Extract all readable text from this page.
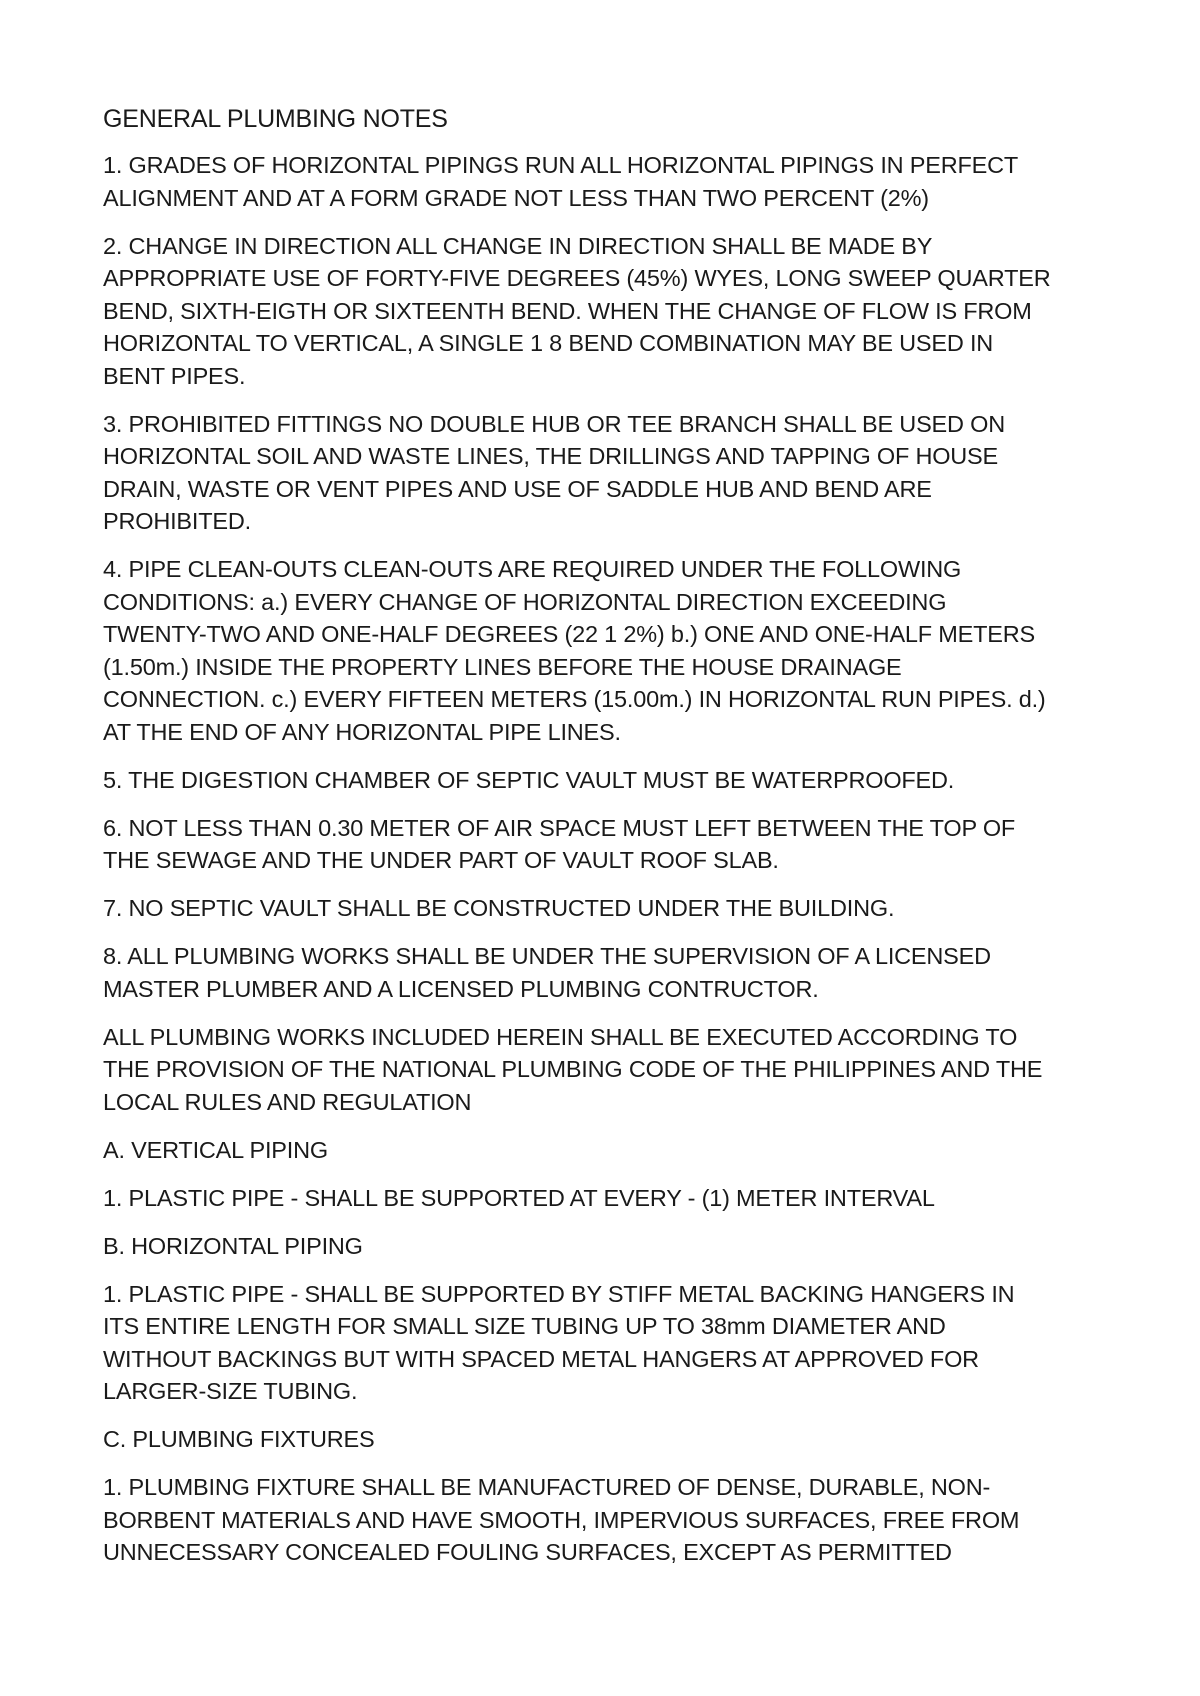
GENERAL PLUMBING NOTES
1. GRADES OF HORIZONTAL PIPINGS RUN ALL HORIZONTAL PIPINGS IN PERFECT
ALIGNMENT AND AT A FORM GRADE NOT LESS THAN TWO PERCENT (2%)
2. CHANGE IN DIRECTION ALL CHANGE IN DIRECTION SHALL BE MADE BY
APPROPRIATE USE OF FORTY-FIVE DEGREES (45%) WYES, LONG SWEEP QUARTER
BEND, SIXTH-EIGTH OR SIXTEENTH BEND. WHEN THE CHANGE OF FLOW IS FROM
HORIZONTAL TO VERTICAL, A SINGLE 1 8 BEND COMBINATION MAY BE USED IN
BENT PIPES.
3. PROHIBITED FITTINGS NO DOUBLE HUB OR TEE BRANCH SHALL BE USED ON
HORIZONTAL SOIL AND WASTE LINES, THE DRILLINGS AND TAPPING OF HOUSE
DRAIN, WASTE OR VENT PIPES AND USE OF SADDLE HUB AND BEND ARE
PROHIBITED.
4. PIPE CLEAN-OUTS CLEAN-OUTS ARE REQUIRED UNDER THE FOLLOWING
CONDITIONS: a.) EVERY CHANGE OF HORIZONTAL DIRECTION EXCEEDING
TWENTY-TWO AND ONE-HALF DEGREES (22 1 2%) b.) ONE AND ONE-HALF METERS
(1.50m.) INSIDE THE PROPERTY LINES BEFORE THE HOUSE DRAINAGE
CONNECTION. c.) EVERY FIFTEEN METERS (15.00m.) IN HORIZONTAL RUN PIPES. d.)
AT THE END OF ANY HORIZONTAL PIPE LINES.
5. THE DIGESTION CHAMBER OF SEPTIC VAULT MUST BE WATERPROOFED.
6. NOT LESS THAN 0.30 METER OF AIR SPACE MUST LEFT BETWEEN THE TOP OF
THE SEWAGE AND THE UNDER PART OF VAULT ROOF SLAB.
7. NO SEPTIC VAULT SHALL BE CONSTRUCTED UNDER THE BUILDING.
8. ALL PLUMBING WORKS SHALL BE UNDER THE SUPERVISION OF A LICENSED
MASTER PLUMBER AND A LICENSED PLUMBING CONTRUCTOR.
ALL PLUMBING WORKS INCLUDED HEREIN SHALL BE EXECUTED ACCORDING TO
THE PROVISION OF THE NATIONAL PLUMBING CODE OF THE PHILIPPINES AND THE
LOCAL RULES AND REGULATION
A. VERTICAL PIPING
1. PLASTIC PIPE - SHALL BE SUPPORTED AT EVERY - (1) METER INTERVAL
B. HORIZONTAL PIPING
1. PLASTIC PIPE - SHALL BE SUPPORTED BY STIFF METAL BACKING HANGERS IN
ITS ENTIRE LENGTH FOR SMALL SIZE TUBING UP TO 38mm DIAMETER AND
WITHOUT BACKINGS BUT WITH SPACED METAL HANGERS AT APPROVED FOR
LARGER-SIZE TUBING.
C. PLUMBING FIXTURES
1. PLUMBING FIXTURE SHALL BE MANUFACTURED OF DENSE, DURABLE, NON-
BORBENT MATERIALS AND HAVE SMOOTH, IMPERVIOUS SURFACES, FREE FROM
UNNECESSARY CONCEALED FOULING SURFACES, EXCEPT AS PERMITTED
